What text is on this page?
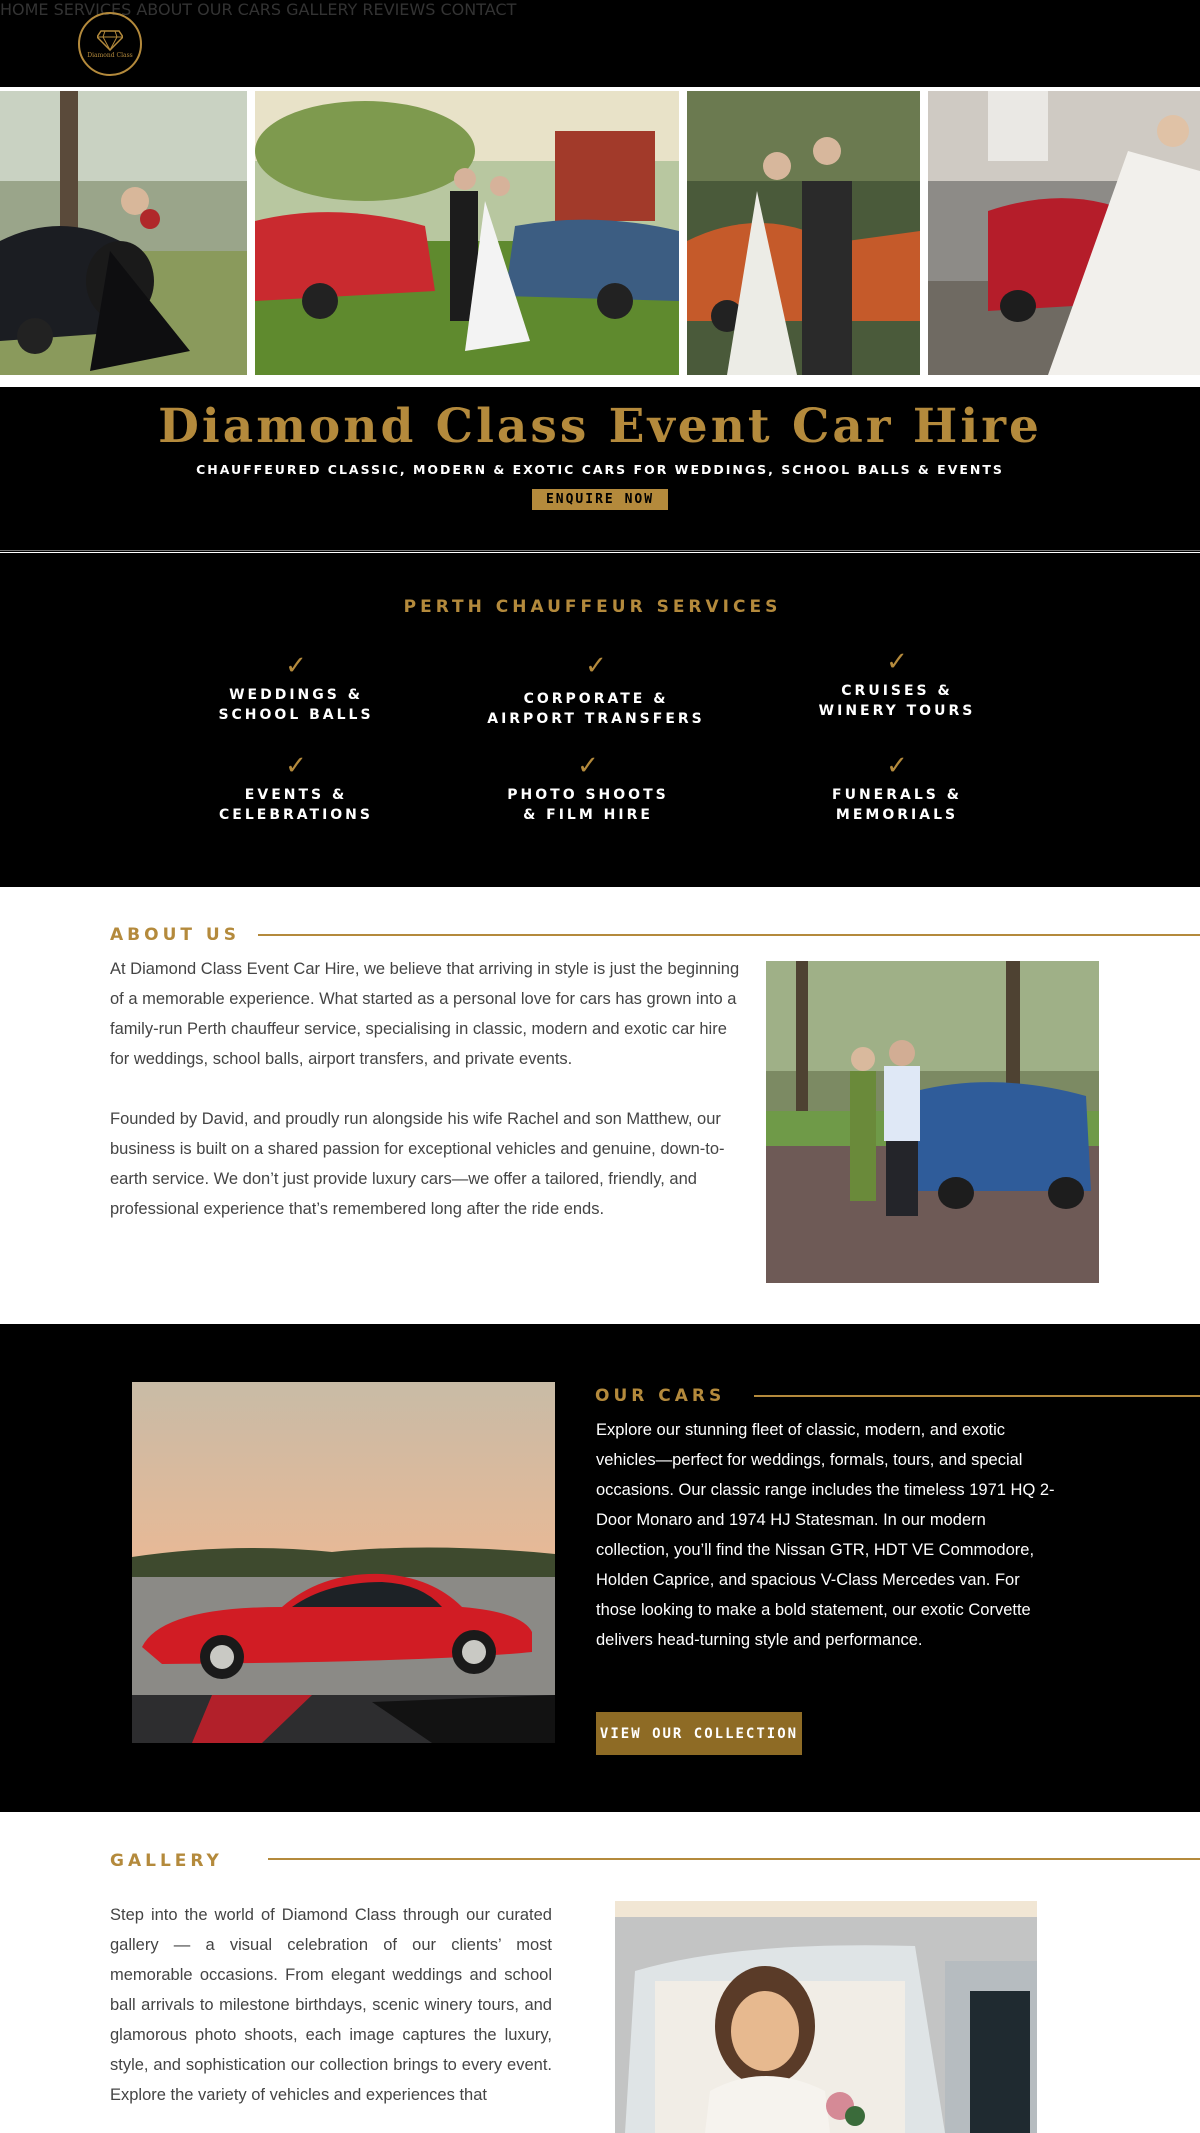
Diamond Class
HOME SERVICES ABOUT OUR CARS GALLERY REVIEWS CONTACT
Diamond Class Event Car Hire
CHAUFFEURED CLASSIC, MODERN & EXOTIC CARS FOR WEDDINGS, SCHOOL BALLS & EVENTS
ENQUIRE NOW
PERTH CHAUFFEUR SERVICES
✓
WEDDINGS &
SCHOOL BALLS
✓
CORPORATE &
AIRPORT TRANSFERS
✓
CRUISES &
WINERY TOURS
✓
EVENTS &
CELEBRATIONS
✓
PHOTO SHOOTS
& FILM HIRE
✓
FUNERALS &
MEMORIALS
ABOUT US

At Diamond Class Event Car Hire, we believe that arriving in style is just the beginning of a memorable experience. What started as a personal love for cars has grown into a family-run Perth chauffeur service, specialising in classic, modern and exotic car hire for weddings, school balls, airport transfers, and private events.

Founded by David, and proudly run alongside his wife Rachel and son Matthew, our business is built on a shared passion for exceptional vehicles and genuine, down-to-earth service. We don’t just provide luxury cars—we offer a tailored, friendly, and professional experience that’s remembered long after the ride ends.

OUR CARS
Explore our stunning fleet of classic, modern, and exotic vehicles—perfect for weddings, formals, tours, and special occasions. Our classic range includes the timeless 1971 HQ 2-Door Monaro and 1974 HJ Statesman. In our modern collection, you’ll find the Nissan GTR, HDT VE Commodore, Holden Caprice, and spacious V-Class Mercedes van. For those looking to make a bold statement, our exotic Corvette delivers head-turning style and performance.
VIEW OUR COLLECTION
GALLERY
Step into the world of Diamond Class through our curated gallery — a visual celebration of our clients’ most memorable occasions. From elegant weddings and school ball arrivals to milestone birthdays, scenic winery tours, and glamorous photo shoots, each image captures the luxury, style, and sophistication our collection brings to every event. Explore the variety of vehicles and experiences that
